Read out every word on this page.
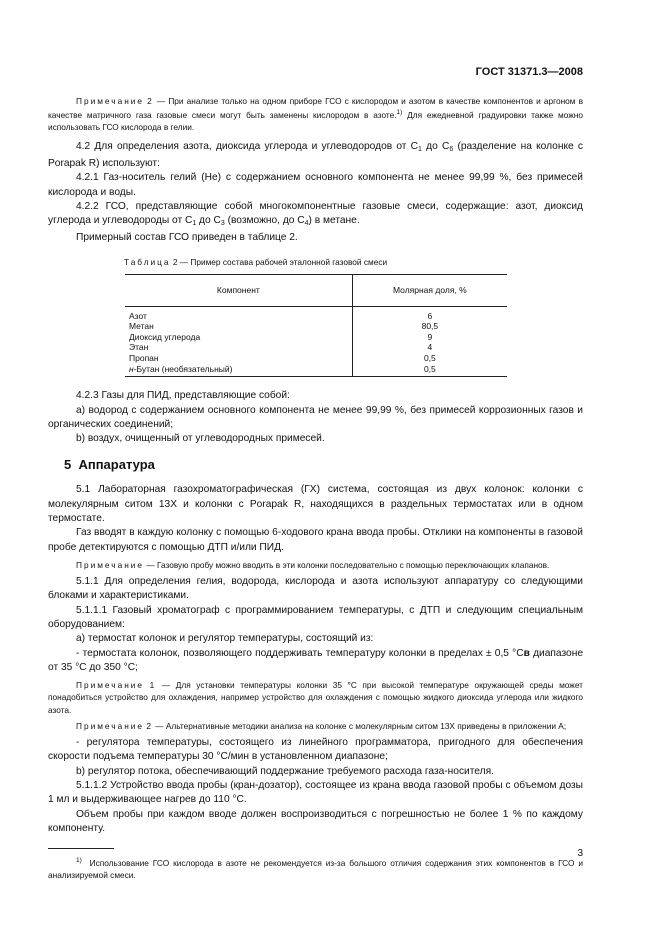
ГОСТ 31371.3—2008

Примечание 2 — При анализе только на одном приборе ГСО с кислородом и азотом в качестве компонентов и аргоном в качестве матричного газа газовые смеси могут быть заменены кислородом в азоте.$^{1)}$ Для ежедневной градуировки также можно использовать ГСО кислорода в гелии.

4.2 Для определения азота, диоксида углерода и углеводородов от $С_1$ до $С_6$ (разделение на колонке с Porapak R) используют:

4.2.1 Газ-носитель гелий (Не) с содержанием основного компонента не менее 99,99 %, без примесей кислорода и воды.

4.2.2 ГСО, представляющие собой многокомпонентные газовые смеси, содержащие: азот, диоксид углерода и углеводороды от $С_1$ до $С_3$ (возможно, до $С_4$) в метане.

Примерный состав ГСО приведен в таблице 2.

Таблица 2 — Пример состава рабочей эталонной газовой смеси
Компонент	Молярная доля, %
Азот	6
Метан	80,5
Диоксид углерода	9
Этан	4
Пропан	0,5
н-Бутан (необязательный)	0,5

4.2.3 Газы для ПИД, представляющие собой:

а) водород с содержанием основного компонента не менее 99,99 %, без примесей коррозионных газов и органических соединений;

b) воздух, очищенный от углеводородных примесей.

5 Аппаратура

5.1 Лабораторная газохроматографическая (ГХ) система, состоящая из двух колонок: колонки с молекулярным ситом 13Х и колонки с Porapak R, находящихся в раздельных термостатах или в одном термостате.

Газ вводят в каждую колонку с помощью 6-ходового крана ввода пробы. Отклики на компоненты в газовой пробе детектируются с помощью ДТП и/или ПИД.

Примечание — Газовую пробу можно вводить в эти колонки последовательно с помощью переключающих клапанов.

5.1.1 Для определения гелия, водорода, кислорода и азота используют аппаратуру со следующими блоками и характеристиками.

5.1.1.1 Газовый хроматограф с программированием температуры, с ДТП и следующим специальным оборудованием:

а) термостат колонок и регулятор температуры, состоящий из:

- термостата колонок, позволяющего поддерживать температуру колонки в пределах ± 0,5 °Св диапазоне от 35 °С до 350 °С;

Примечание 1 — Для установки температуры колонки 35 °С при высокой температуре окружающей среды может понадобиться устройство для охлаждения, например устройство для охлаждения с помощью жидкого диоксида углерода или жидкого азота.

Примечание 2 — Альтернативные методики анализа на колонке с молекулярным ситом 13Х приведены в приложении А;

- регулятора температуры, состоящего из линейного программатора, пригодного для обеспечения скорости подъема температуры 30 °С/мин в установленном диапазоне;

b) регулятор потока, обеспечивающий поддержание требуемого расхода газа-носителя.

5.1.1.2 Устройство ввода пробы (кран-дозатор), состоящее из крана ввода газовой пробы с объемом дозы 1 мл и выдерживающее нагрев до 110 °С.

Объем пробы при каждом вводе должен воспроизводиться с погрешностью не более 1 % по каждому компоненту.

$^{1)}$ Использование ГСО кислорода в азоте не рекомендуется из-за большого отличия содержания этих компонентов в ГСО и анализируемой смеси.

3
